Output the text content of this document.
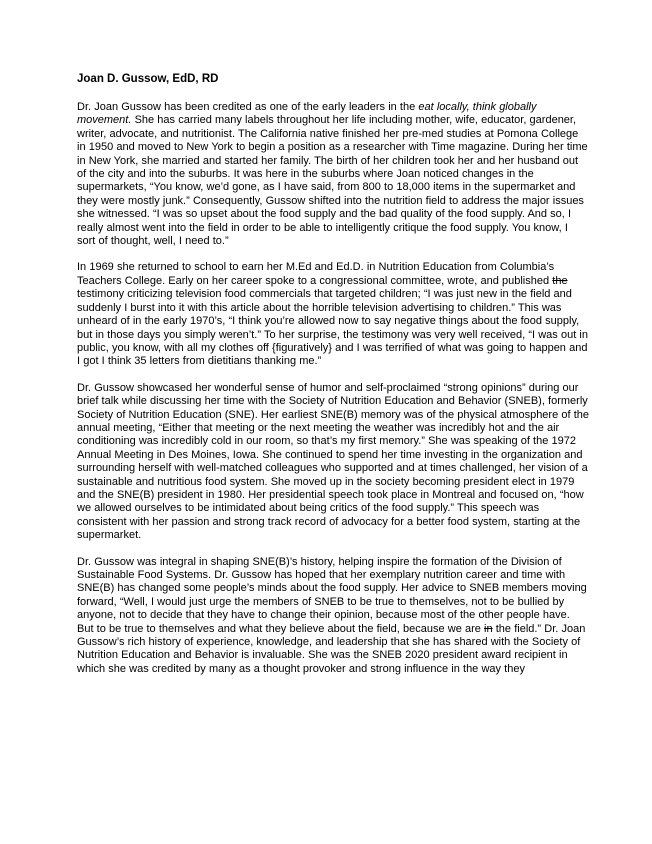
Joan D. Gussow, EdD, RD

Dr. Joan Gussow has been credited as one of the early leaders in the eat locally, think globally movement. She has carried many labels throughout her life including mother, wife, educator, gardener, writer, advocate, and nutritionist. The California native finished her pre-med studies at Pomona College in 1950 and moved to New York to begin a position as a researcher with Time magazine. During her time in New York, she married and started her family. The birth of her children took her and her husband out of the city and into the suburbs. It was here in the suburbs where Joan noticed changes in the supermarkets, “You know, we’d gone, as I have said, from 800 to 18,000 items in the supermarket and they were mostly junk.” Consequently, Gussow shifted into the nutrition field to address the major issues she witnessed. “I was so upset about the food supply and the bad quality of the food supply. And so, I really almost went into the field in order to be able to intelligently critique the food supply. You know, I sort of thought, well, I need to.”

In 1969 she returned to school to earn her M.Ed and Ed.D. in Nutrition Education from Columbia’s Teachers College. Early on her career spoke to a congressional committee, wrote, and published the testimony criticizing television food commercials that targeted children; “I was just new in the field and suddenly I burst into it with this article about the horrible television advertising to children.” This was unheard of in the early 1970’s, “I think you’re allowed now to say negative things about the food supply, but in those days you simply weren’t.” To her surprise, the testimony was very well received, “I was out in public, you know, with all my clothes off {figuratively} and I was terrified of what was going to happen and I got I think 35 letters from dietitians thanking me.”

Dr. Gussow showcased her wonderful sense of humor and self-proclaimed “strong opinions” during our brief talk while discussing her time with the Society of Nutrition Education and Behavior (SNEB), formerly Society of Nutrition Education (SNE). Her earliest SNE(B) memory was of the physical atmosphere of the annual meeting, “Either that meeting or the next meeting the weather was incredibly hot and the air conditioning was incredibly cold in our room, so that’s my first memory.” She was speaking of the 1972 Annual Meeting in Des Moines, Iowa. She continued to spend her time investing in the organization and surrounding herself with well-matched colleagues who supported and at times challenged, her vision of a sustainable and nutritious food system. She moved up in the society becoming president elect in 1979 and the SNE(B) president in 1980. Her presidential speech took place in Montreal and focused on, “how we allowed ourselves to be intimidated about being critics of the food supply.” This speech was consistent with her passion and strong track record of advocacy for a better food system, starting at the supermarket.

Dr. Gussow was integral in shaping SNE(B)’s history, helping inspire the formation of the Division of Sustainable Food Systems. Dr. Gussow has hoped that her exemplary nutrition career and time with SNE(B) has changed some people’s minds about the food supply. Her advice to SNEB members moving forward, “Well, I would just urge the members of SNEB to be true to themselves, not to be bullied by anyone, not to decide that they have to change their opinion, because most of the other people have. But to be true to themselves and what they believe about the field, because we are in the field.” Dr. Joan Gussow’s rich history of experience, knowledge, and leadership that she has shared with the Society of Nutrition Education and Behavior is invaluable. She was the SNEB 2020 president award recipient in which she was credited by many as a thought provoker and strong influence in the way they
